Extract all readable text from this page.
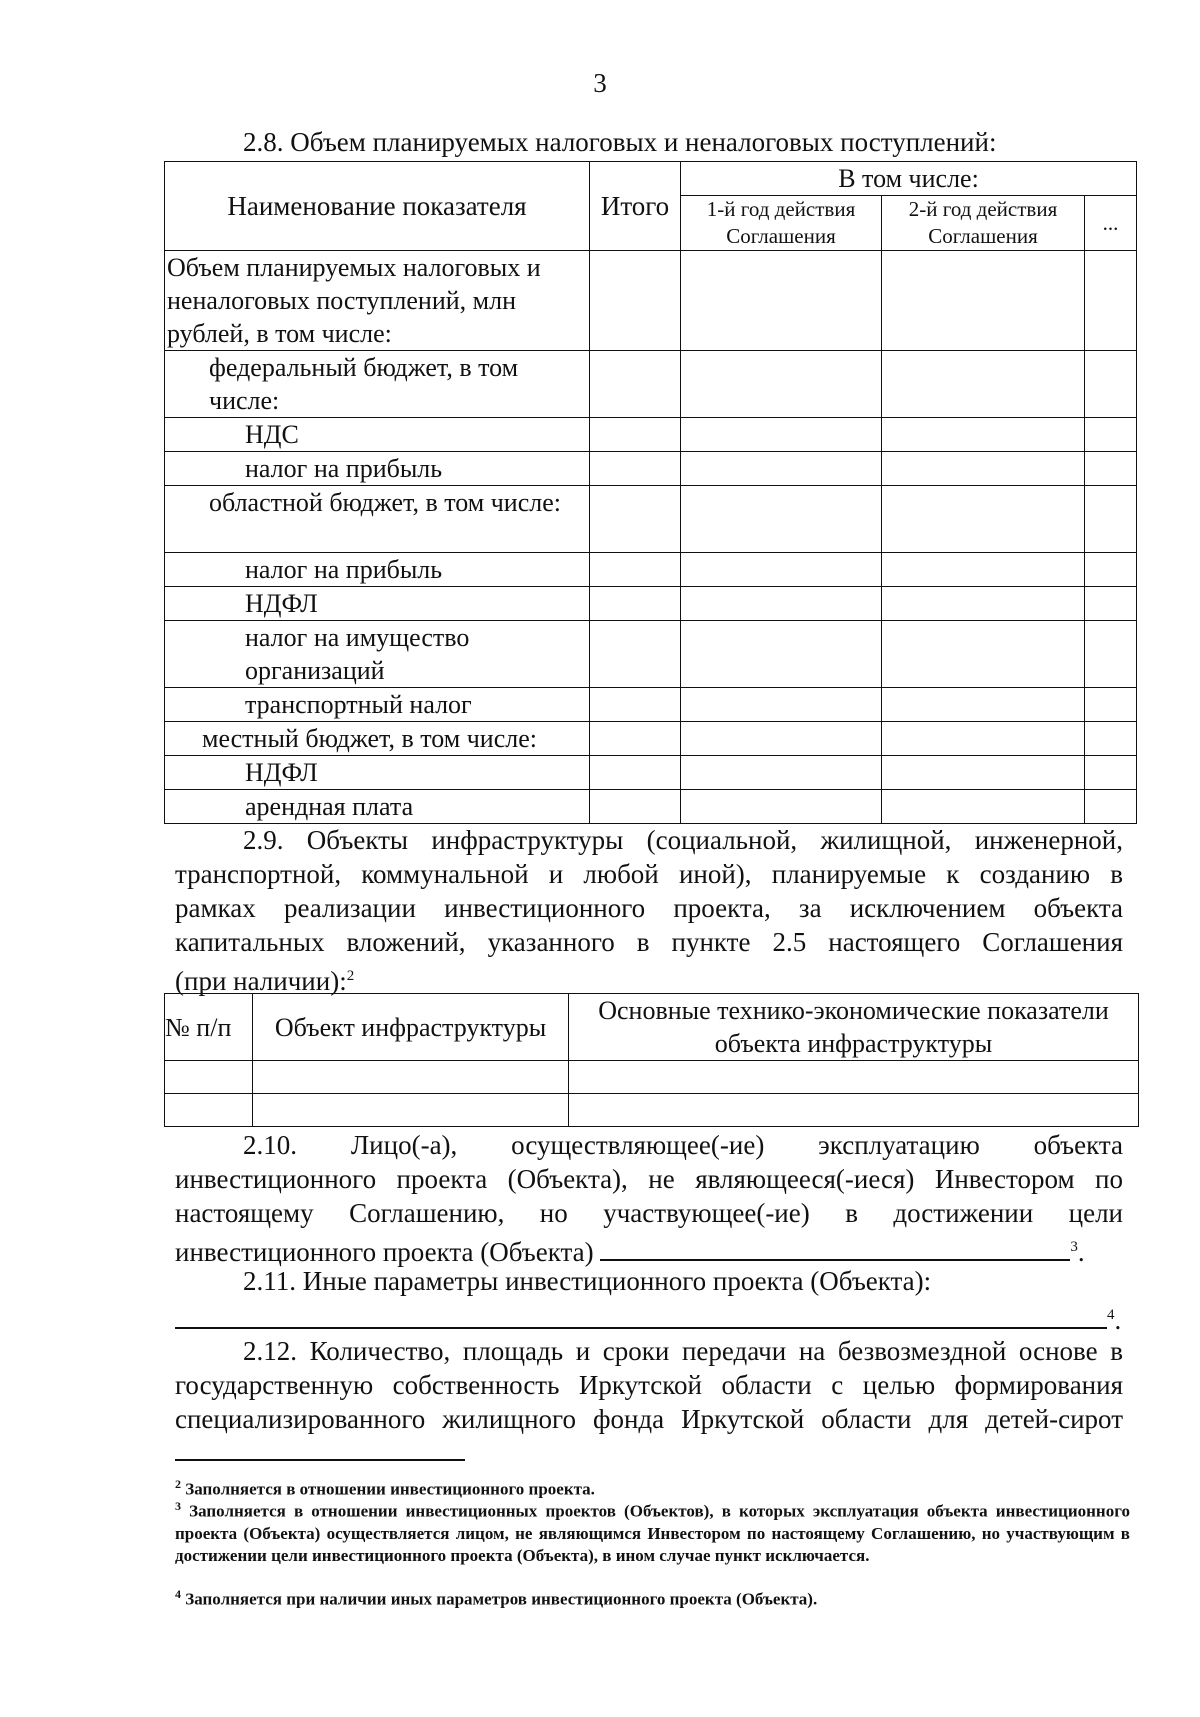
3
2.8. Объем планируемых налоговых и неналоговых поступлений:
Наименование показателя	Итого	В том числе:		
		1-й год действия Соглашения	2-й год действия Соглашения	...
Объем планируемых налоговых и неналоговых поступлений, млн рублей, в том числе:				
федеральный бюджет, в том числе:				
НДС				
налог на прибыль				
областной бюджет, в том числе:				
налог на прибыль				
НДФЛ				
налог на имущество организаций				
транспортный налог				
местный бюджет, в том числе:				
НДФЛ				
арендная плата				
2.9. Объекты инфраструктуры (социальной, жилищной, инженерной,
транспортной, коммунальной и любой иной), планируемые к созданию в
рамках реализации инвестиционного проекта, за исключением объекта
капитальных вложений, указанного в пункте 2.5 настоящего Соглашения
(при наличии):$^2$
№ п/п	Объект инфраструктуры	Основные технико-экономические показатели объекта инфраструктуры

2.10. Лицо(-а), осуществляющее(-ие) эксплуатацию объекта
инвестиционного проекта (Объекта), не являющееся(-иеся) Инвестором по
настоящему Соглашению, но участвующее(-ие) в достижении цели
инвестиционного проекта (Объекта)	$^3$.
2.11. Иные параметры инвестиционного проекта (Объекта):
$^4$.
2.12. Количество, площадь и сроки передачи на безвозмездной основе в
государственную собственность Иркутской области с целью формирования
специализированного жилищного фонда Иркутской области для детей-сирот
$^2$ Заполняется в отношении инвестиционного проекта.
$^3$ Заполняется в отношении инвестиционных проектов (Объектов), в которых эксплуатация объекта инвестиционного проекта (Объекта) осуществляется лицом, не являющимся Инвестором по настоящему Соглашению, но участвующим в достижении цели инвестиционного проекта (Объекта), в ином случае пункт исключается.
$^4$ Заполняется при наличии иных параметров инвестиционного проекта (Объекта).
